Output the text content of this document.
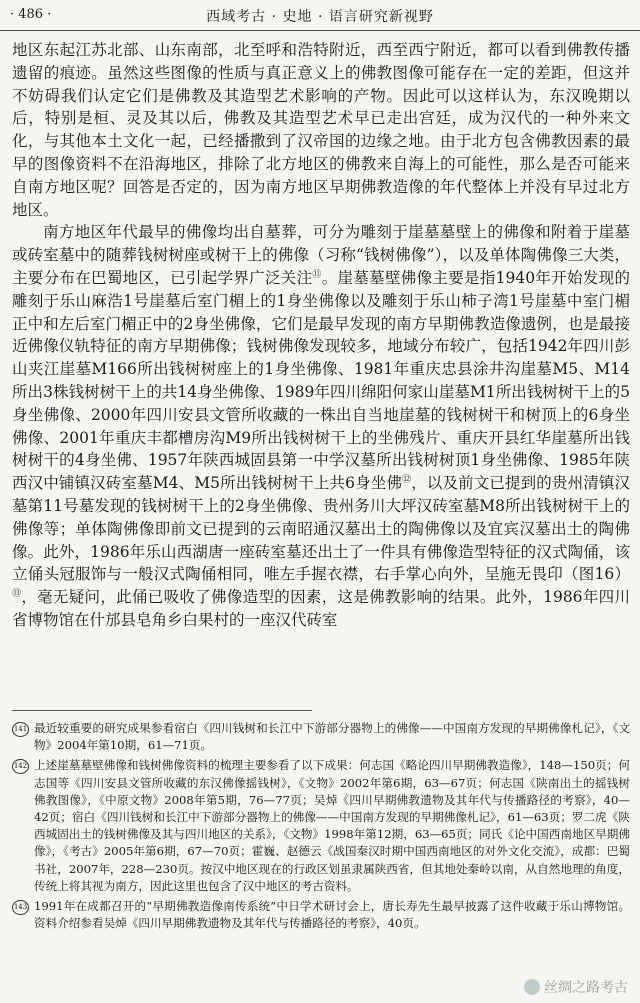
· 486 ·	西域考古 · 史地 · 语言研究新视野

地区东起江苏北部、山东南部，北至呼和浩特附近，西至西宁附近，都可以看到佛教传播遗留的痕迹。虽然这些图像的性质与真正意义上的佛教图像可能存在一定的差距，但这并不妨碍我们认定它们是佛教及其造型艺术影响的产物。因此可以这样认为，东汉晚期以后，特别是桓、灵及其以后，佛教及其造型艺术早已走出宫廷，成为汉代的一种外来文化，与其他本土文化一起，已经播撒到了汉帝国的边缘之地。由于北方包含佛教因素的最早的图像资料不在沿海地区，排除了北方地区的佛教来自海上的可能性，那么是否可能来自南方地区呢？回答是否定的，因为南方地区早期佛教造像的年代整体上并没有早过北方地区。

南方地区年代最早的佛像均出自墓葬，可分为雕刻于崖墓墓壁上的佛像和附着于崖墓或砖室墓中的随葬钱树树座或树干上的佛像（习称“钱树佛像”），以及单体陶佛像三大类，主要分布在巴蜀地区，已引起学界广泛关注⑪。崖墓墓壁佛像主要是指1940年开始发现的雕刻于乐山麻浩1号崖墓后室门楣上的1身坐佛像以及雕刻于乐山柿子湾1号崖墓中室门楣正中和左后室门楣正中的2身坐佛像，它们是最早发现的南方早期佛教造像遗例，也是最接近佛像仪轨特征的南方早期佛像；钱树佛像发现较多，地域分布较广，包括1942年四川彭山夹江崖墓M166所出钱树树座上的1身坐佛像、1981年重庆忠县涂井沟崖墓M5、M14所出3株钱树树干上的共14身坐佛像、1989年四川绵阳何家山崖墓M1所出钱树树干上的5身坐佛像、2000年四川安县文管所收藏的一株出自当地崖墓的钱树树干和树顶上的6身坐佛像、2001年重庆丰都槽房沟M9所出钱树树干上的坐佛残片、重庆开县红华崖墓所出钱树树干的4身坐佛、1957年陕西城固县第一中学汉墓所出钱树树顶1身坐佛像、1985年陕西汉中铺镇汉砖室墓M4、M5所出钱树树干上共6身坐佛⑫，以及前文已提到的贵州清镇汉墓第11号墓发现的钱树树干上的2身坐佛像、贵州务川大坪汉砖室墓M8所出钱树树干上的佛像等；单体陶佛像即前文已提到的云南昭通汉墓出土的陶佛像以及宜宾汉墓出土的陶佛像。此外，1986年乐山西湖唐一座砖室墓还出土了一件具有佛像造型特征的汉式陶俑，该立俑头冠服饰与一般汉式陶俑相同，唯左手握衣襟，右手掌心向外，呈施无畏印（图16）⑬，毫无疑问，此俑已吸收了佛像造型的因素，这是佛教影响的结果。此外，1986年四川省博物馆在什邡县皂角乡白果村的一座汉代砖室

141 最近较重要的研究成果参看宿白《四川钱树和长江中下游部分器物上的佛像——中国南方发现的早期佛像札记》，《文物》2004年第10期，61—71页。
142 上述崖墓墓壁佛像和钱树佛像资料的梳理主要参看了以下成果：何志国《略论四川早期佛教造像》，148—150页；何志国等《四川安县文管所收藏的东汉佛像摇钱树》，《文物》2002年第6期，63—67页；何志国《陕南出土的摇钱树佛教图像》，《中原文物》2008年第5期，76—77页；吴焯《四川早期佛教遗物及其年代与传播路径的考察》，40—42页；宿白《四川钱树和长江中下游部分器物上的佛像——中国南方发现的早期佛像札记》，61—63页；罗二虎《陕西城固出土的钱树佛像及其与四川地区的关系》，《文物》1998年第12期，63—65页；同氏《论中国西南地区早期佛像》，《考古》2005年第6期，67—70页；霍巍、赵德云《战国秦汉时期中国西南地区的对外文化交流》，成都：巴蜀书社，2007年，228—230页。按汉中地区现在的行政区划虽隶属陕西省，但其地处秦岭以南，从自然地理的角度，传统上将其视为南方，因此这里也包含了汉中地区的考古资料。
143 1991年在成都召开的“早期佛教造像南传系统”中日学术研讨会上，唐长寿先生最早披露了这件收藏于乐山博物馆。资料介绍参看吴焯《四川早期佛教遗物及其年代与传播路径的考察》，40页。
丝绸之路考古
